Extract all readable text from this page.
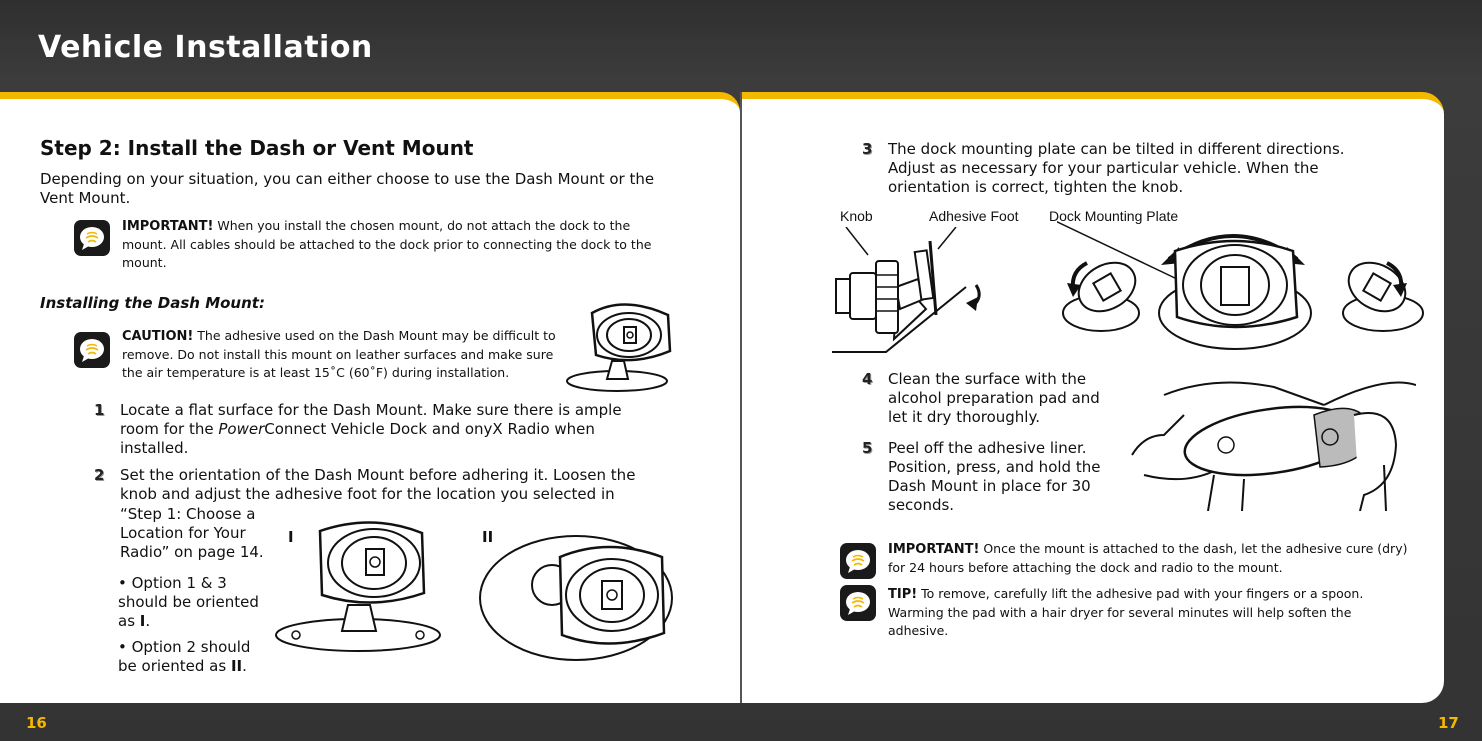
Vehicle Installation
Step 2: Install the Dash or Vent Mount
Depending on your situation, you can either choose to use the Dash Mount or the Vent Mount.
IMPORTANT! When you install the chosen mount, do not attach the dock to the mount. All cables should be attached to the dock prior to connecting the dock to the mount.
Installing the Dash Mount:
CAUTION! The adhesive used on the Dash Mount may be difficult to remove. Do not install this mount on leather surfaces and make sure the air temperature is at least 15˚C (60˚F) during installation.
1 Locate a flat surface for the Dash Mount. Make sure there is ample room for the PowerConnect Vehicle Dock and onyX Radio when installed.
2 Set the orientation of the Dash Mount before adhering it. Loosen the knob and adjust the adhesive foot for the location you selected in
“Step 1: Choose a Location for Your Radio” on page 14.
• Option 1 & 3 should be oriented as I.
• Option 2 should be oriented as II.
I	II
3 The dock mounting plate can be tilted in different directions. Adjust as necessary for your particular vehicle. When the orientation is correct, tighten the knob.
Knob	Adhesive Foot Dock Mounting Plate
4 Clean the surface with the alcohol preparation pad and let it dry thoroughly.
5 Peel off the adhesive liner. Position, press, and hold the Dash Mount in place for 30 seconds.
IMPORTANT! Once the mount is attached to the dash, let the adhesive cure (dry) for 24 hours before attaching the dock and radio to the mount.
TIP! To remove, carefully lift the adhesive pad with your fingers or a spoon. Warming the pad with a hair dryer for several minutes will help soften the adhesive.
16	17
